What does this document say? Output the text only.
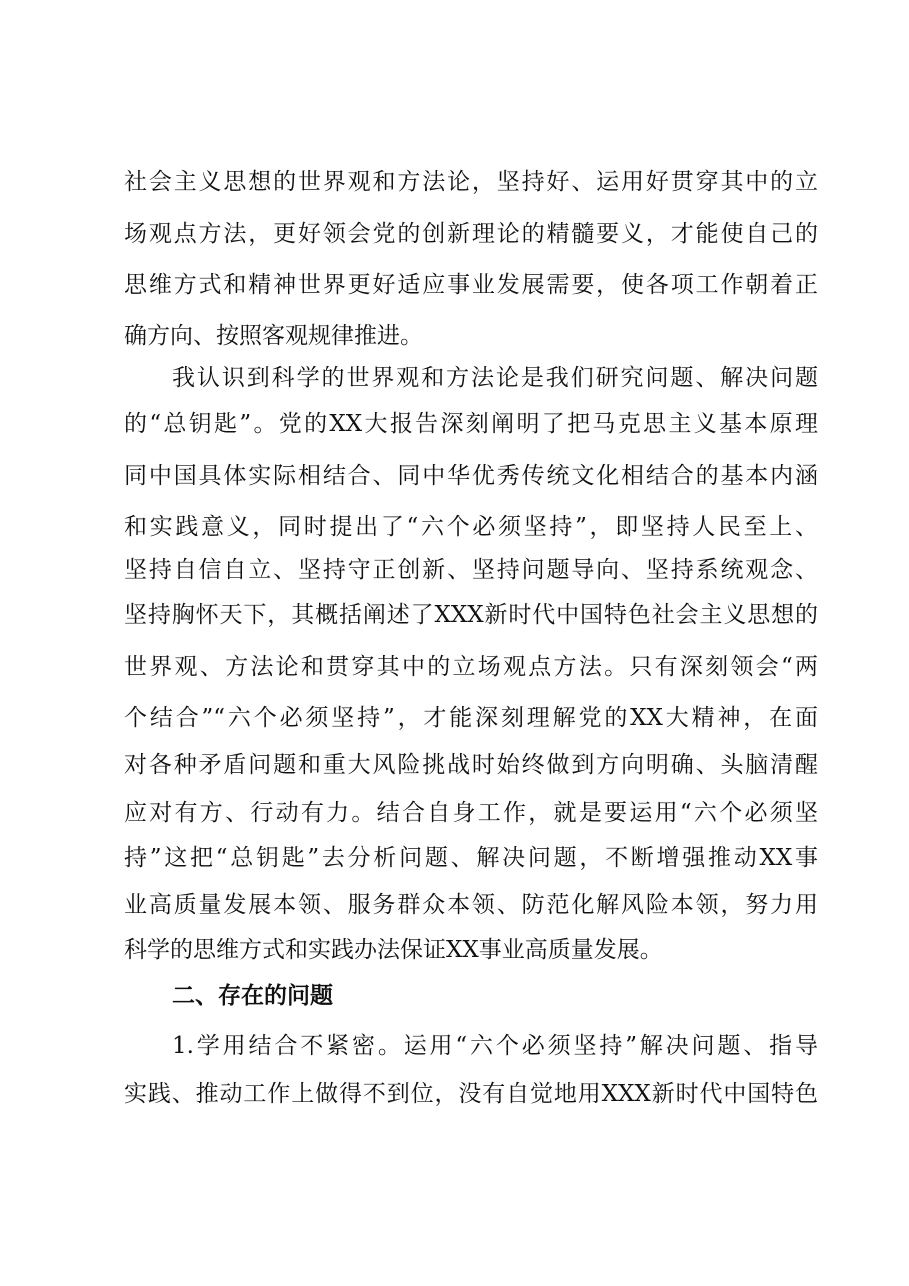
社会主义思想的世界观和方法论，坚持好、运用好贯穿其中的立
场观点方法，更好领会党的创新理论的精髓要义，才能使自己的
思维方式和精神世界更好适应事业发展需要，使各项工作朝着正
确方向、按照客观规律推进。
我认识到科学的世界观和方法论是我们研究问题、解决问题
的“总钥匙”。党的XX大报告深刻阐明了把马克思主义基本原理
同中国具体实际相结合、同中华优秀传统文化相结合的基本内涵
和实践意义，同时提出了“六个必须坚持”，即坚持人民至上、
坚持自信自立、坚持守正创新、坚持问题导向、坚持系统观念、
坚持胸怀天下，其概括阐述了XXX新时代中国特色社会主义思想的
世界观、方法论和贯穿其中的立场观点方法。只有深刻领会“两
个结合”“六个必须坚持”，才能深刻理解党的XX大精神，在面
对各种矛盾问题和重大风险挑战时始终做到方向明确、头脑清醒
应对有方、行动有力。结合自身工作，就是要运用“六个必须坚
持”这把“总钥匙”去分析问题、解决问题，不断增强推动XX事
业高质量发展本领、服务群众本领、防范化解风险本领，努力用
科学的思维方式和实践办法保证XX事业高质量发展。
二、存在的问题
1.学用结合不紧密。运用“六个必须坚持”解决问题、指导
实践、推动工作上做得不到位，没有自觉地用XXX新时代中国特色
